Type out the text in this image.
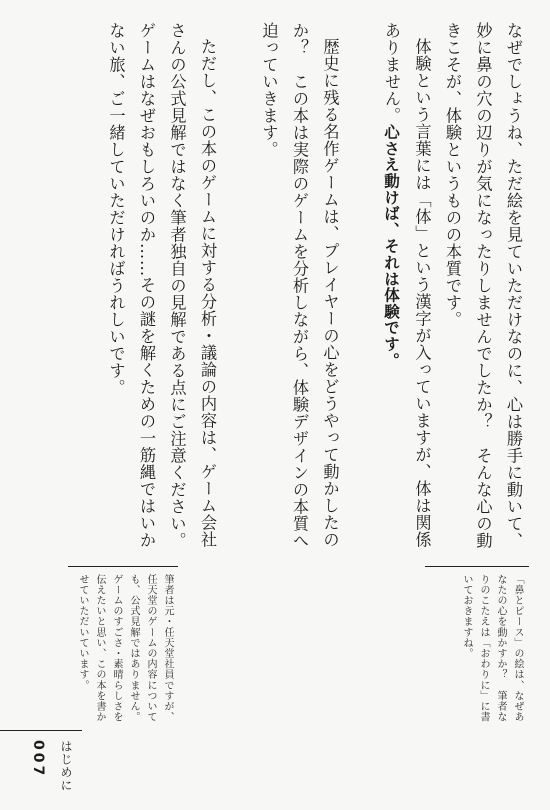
なぜでしょうね、ただ絵を見ていただけなのに、心は勝手に動いて、妙に鼻の穴の辺りが気になったりしませんでしたか？　そんな心の動きこそが、体験というものの本質です。

体験という言葉には「体」という漢字が入っていますが、体は関係ありません。心さえ動けば、それは体験です。

歴史に残る名作ゲームは、プレイヤーの心をどうやって動かしたのか？　この本は実際のゲームを分析しながら、体験デザインの本質へ迫っていきます。

ただし、この本のゲームに対する分析・議論の内容は、ゲーム会社さんの公式見解ではなく筆者独自の見解である点にご注意ください。ゲームはなぜおもしろいのか……その謎を解くための一筋縄ではいかない旅、ご一緒していただければうれしいです。

「鼻とピース」の絵は、なぜあなたの心を動かすか？　筆者なりのこたえは「おわりに」に書いておきますね。

筆者は元・任天堂社員ですが、任天堂のゲームの内容についても、公式見解ではありません。ゲームのすごさ・素晴らしさを伝えたいと思い、この本を書かせていただいています。

007 はじめに
